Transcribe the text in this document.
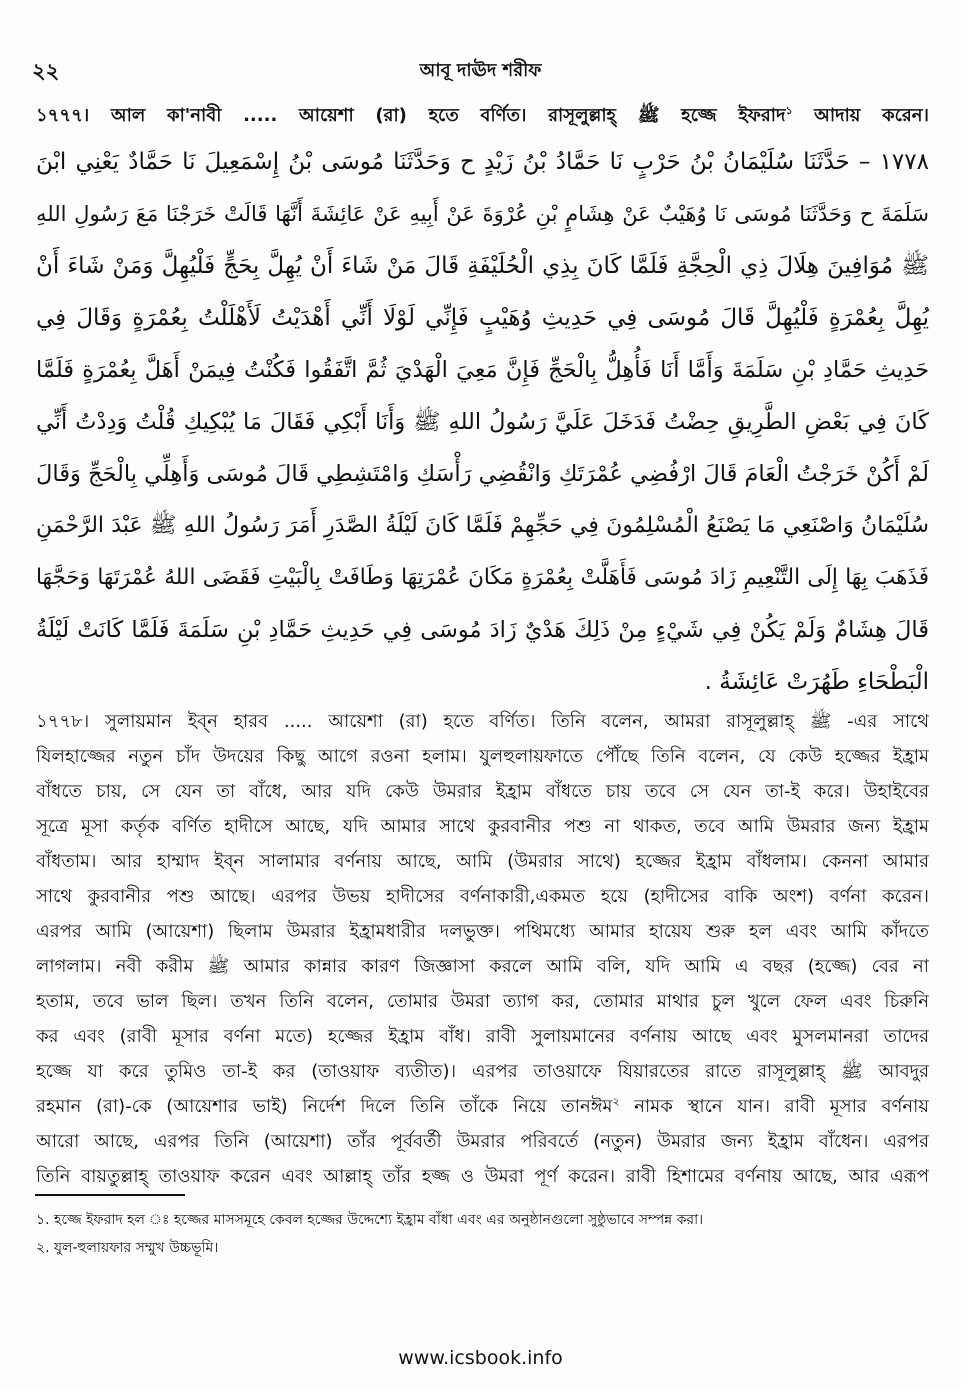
২২	আবূ দাঊদ শরীফ
১৭৭৭। আল কা'নাবী ..... আয়েশা (রা) হতে বর্ণিত। রাসূলুল্লাহ্ ﷺ হজ্জে ইফরাদ$^১$ আদায় করেন।
١٧٧٨ – حَدَّثَنَا سُلَيْمَانُ بْنُ حَرْبٍ نَا حَمَّادُ بْنُ زَيْدٍ ح وَحَدَّثَنَا مُوسَى بْنُ إِسْمَعِيلَ نَا حَمَّادٌ يَعْنِي ابْنَ
سَلَمَةَ ح وَحَدَّثَنَا مُوسَى نَا وُهَيْبٌ عَنْ هِشَامٍ بْنِ عُرْوَةَ عَنْ أَبِيهِ عَنْ عَائِشَةَ أَنَّهَا قَالَتْ خَرَجْنَا مَعَ رَسُولِ اللهِ
ﷺ مُوَافِينَ هِلَالَ ذِي الْحِجَّةِ فَلَمَّا كَانَ بِذِي الْحُلَيْفَةِ قَالَ مَنْ شَاءَ أَنْ يُهِلَّ بِحَجٍّ فَلْيُهِلَّ وَمَنْ شَاءَ أَنْ
يُهِلَّ بِعُمْرَةٍ فَلْيُهِلَّ قَالَ مُوسَى فِي حَدِيثِ وُهَيْبٍ فَإِنِّي لَوْلَا أَنِّي أَهْدَيْتُ لَأَهْلَلْتُ بِعُمْرَةٍ وَقَالَ فِي
حَدِيثِ حَمَّادِ بْنِ سَلَمَةَ وَأَمَّا أَنَا فَأُهِلُّ بِالْحَجِّ فَإِنَّ مَعِيَ الْهَدْيَ ثُمَّ اتَّفَقُوا فَكُنْتُ فِيمَنْ أَهَلَّ بِعُمْرَةٍ فَلَمَّا
كَانَ فِي بَعْضِ الطَّرِيقِ حِضْتُ فَدَخَلَ عَلَيَّ رَسُولُ اللهِ ﷺ وَأَنَا أَبْكِي فَقَالَ مَا يُبْكِيكِ قُلْتُ وَدِدْتُ أَنِّي
لَمْ أَكُنْ خَرَجْتُ الْعَامَ قَالَ ارْفُضِي عُمْرَتَكِ وَانْقُضِي رَأْسَكِ وَامْتَشِطِي قَالَ مُوسَى وَأَهِلِّي بِالْحَجِّ وَقَالَ
سُلَيْمَانُ وَاصْنَعِي مَا يَصْنَعُ الْمُسْلِمُونَ فِي حَجِّهِمْ فَلَمَّا كَانَ لَيْلَةُ الصَّدَرِ أَمَرَ رَسُولُ اللهِ ﷺ عَبْدَ الرَّحْمَنِ
فَذَهَبَ بِهَا إِلَى التَّنْعِيمِ زَادَ مُوسَى فَأَهَلَّتْ بِعُمْرَةٍ مَكَانَ عُمْرَتِهَا وَطَافَتْ بِالْبَيْتِ فَقَضَى اللهُ عُمْرَتَهَا وَحَجَّهَا
قَالَ هِشَامٌ وَلَمْ يَكُنْ فِي شَيْءٍ مِنْ ذَلِكَ هَدْيٌ زَادَ مُوسَى فِي حَدِيثِ حَمَّادِ بْنِ سَلَمَةَ فَلَمَّا كَانَتْ لَيْلَةُ
الْبَطْحَاءِ طَهُرَتْ عَائِشَةُ .
১৭৭৮। সুলায়মান ইব্ন হারব ..... আয়েশা (রা) হতে বর্ণিত। তিনি বলেন, আমরা রাসূলুল্লাহ্ ﷺ -এর সাথে
যিলহাজ্জের নতুন চাঁদ উদয়ের কিছু আগে রওনা হলাম। যুলহুলায়ফাতে পৌঁছে তিনি বলেন, যে কেউ হজ্জের ইহ্রাম
বাঁধতে চায়, সে যেন তা বাঁধে, আর যদি কেউ উমরার ইহ্রাম বাঁধতে চায় তবে সে যেন তা-ই করে। উহাইবের
সূত্রে মূসা কর্তৃক বর্ণিত হাদীসে আছে, যদি আমার সাথে কুরবানীর পশু না থাকত, তবে আমি উমরার জন্য ইহ্রাম
বাঁধতাম। আর হাম্মাদ ইব্ন সালামার বর্ণনায় আছে, আমি (উমরার সাথে) হজ্জের ইহ্রাম বাঁধলাম। কেননা আমার
সাথে কুরবানীর পশু আছে। এরপর উভয় হাদীসের বর্ণনাকারী,একমত হয়ে (হাদীসের বাকি অংশ) বর্ণনা করেন।
এরপর আমি (আয়েশা) ছিলাম উমরার ইহ্রামধারীর দলভুক্ত। পথিমধ্যে আমার হায়েয শুরু হল এবং আমি কাঁদতে
লাগলাম। নবী করীম ﷺ আমার কান্নার কারণ জিজ্ঞাসা করলে আমি বলি, যদি আমি এ বছর (হজ্জে) বের না
হতাম, তবে ভাল ছিল। তখন তিনি বলেন, তোমার উমরা ত্যাগ কর, তোমার মাথার চুল খুলে ফেল এবং চিরুনি
কর এবং (রাবী মূসার বর্ণনা মতে) হজ্জের ইহ্রাম বাঁধ। রাবী সুলায়মানের বর্ণনায় আছে এবং মুসলমানরা তাদের
হজ্জে যা করে তুমিও তা-ই কর (তাওয়াফ ব্যতীত)। এরপর তাওয়াফে যিয়ারতের রাতে রাসূলুল্লাহ্ ﷺ আবদুর
রহমান (রা)-কে (আয়েশার ভাই) নির্দেশ দিলে তিনি তাঁকে নিয়ে তানঈম$^২$ নামক স্থানে যান। রাবী মূসার বর্ণনায়
আরো আছে, এরপর তিনি (আয়েশা) তাঁর পূর্ববর্তী উমরার পরিবর্তে (নতুন) উমরার জন্য ইহ্রাম বাঁধেন। এরপর
তিনি বায়তুল্লাহ্ তাওয়াফ করেন এবং আল্লাহ্ তাঁর হজ্জ ও উমরা পূর্ণ করেন। রাবী হিশামের বর্ণনায় আছে, আর এরূপ
১. হজ্জে ইফরাদ হল ঃ হজ্জের মাসসমূহে কেবল হজ্জের উদ্দেশ্যে ইহ্রাম বাঁধা এবং এর অনুষ্ঠানগুলো সুষ্ঠুভাবে সম্পন্ন করা।
২. যুল-হুলায়ফার সম্মুখ উচ্চভূমি।
www.icsbook.info
